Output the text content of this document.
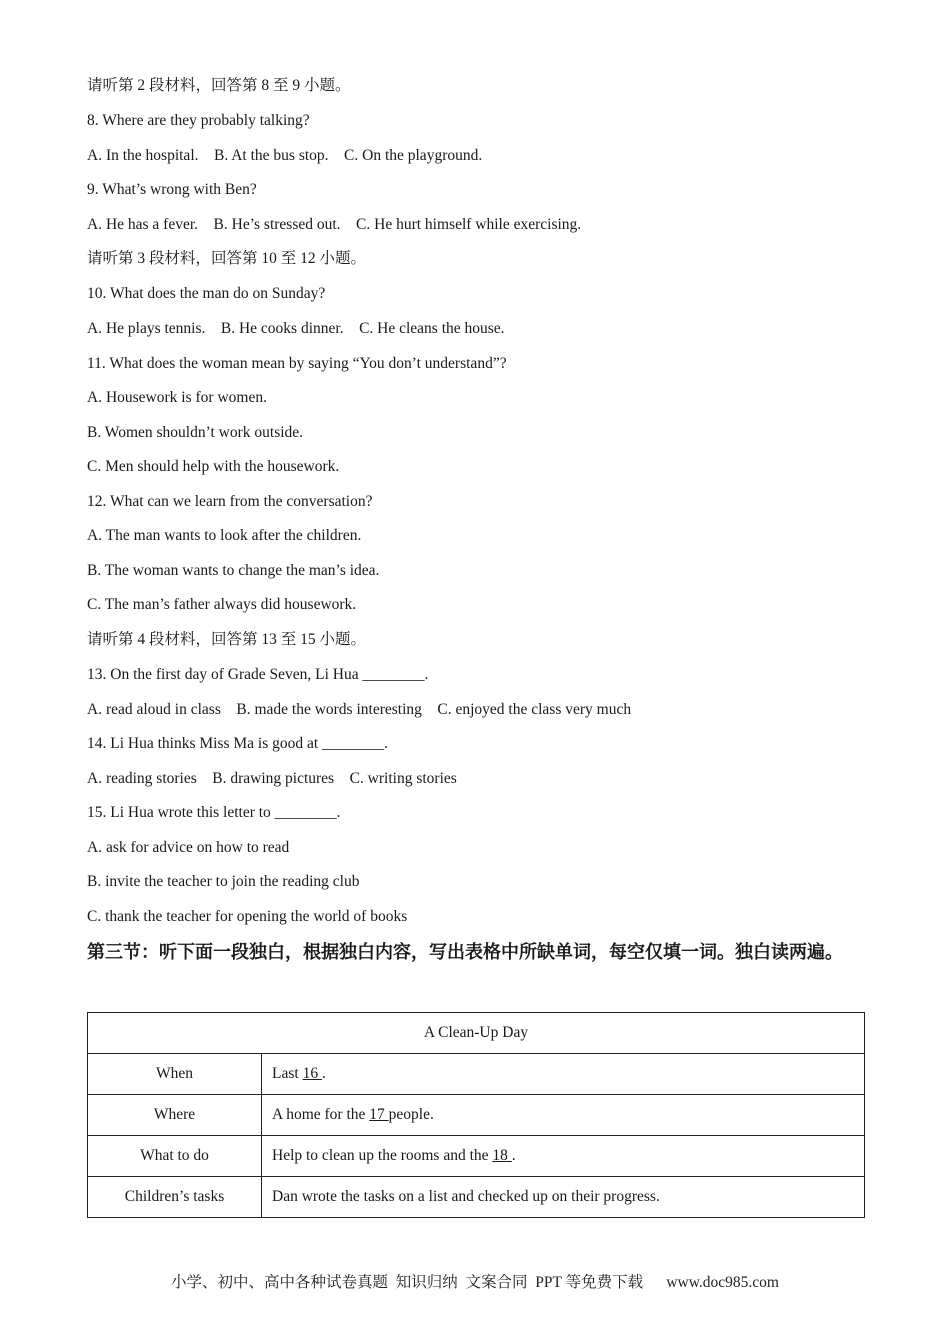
请听第 2 段材料，回答第 8 至 9 小题。
8. Where are they probably talking?
A. In the hospital.    B. At the bus stop.    C. On the playground.
9. What’s wrong with Ben?
A. He has a fever.    B. He’s stressed out.    C. He hurt himself while exercising.
请听第 3 段材料，回答第 10 至 12 小题。
10. What does the man do on Sunday?
A. He plays tennis.    B. He cooks dinner.    C. He cleans the house.
11. What does the woman mean by saying “You don’t understand”?
A. Housework is for women.
B. Women shouldn’t work outside.
C. Men should help with the housework.
12. What can we learn from the conversation?
A. The man wants to look after the children.
B. The woman wants to change the man’s idea.
C. The man’s father always did housework.
请听第 4 段材料，回答第 13 至 15 小题。
13. On the first day of Grade Seven, Li Hua ________.
A. read aloud in class    B. made the words interesting    C. enjoyed the class very much
14. Li Hua thinks Miss Ma is good at ________.
A. reading stories    B. drawing pictures    C. writing stories
15. Li Hua wrote this letter to ________.
A. ask for advice on how to read
B. invite the teacher to join the reading club
C. thank the teacher for opening the world of books
第三节：听下面一段独白，根据独白内容，写出表格中所缺单词，每空仅填一词。独白读两遍。
A Clean-Up Day	
When	Last 16 .
Where	A home for the 17 people.
What to do	Help to clean up the rooms and the 18 .
Children’s tasks	Dan wrote the tasks on a list and checked up on their progress.
小学、初中、高中各种试卷真题  知识归纳  文案合同  PPT 等免费下载      www.doc985.com
